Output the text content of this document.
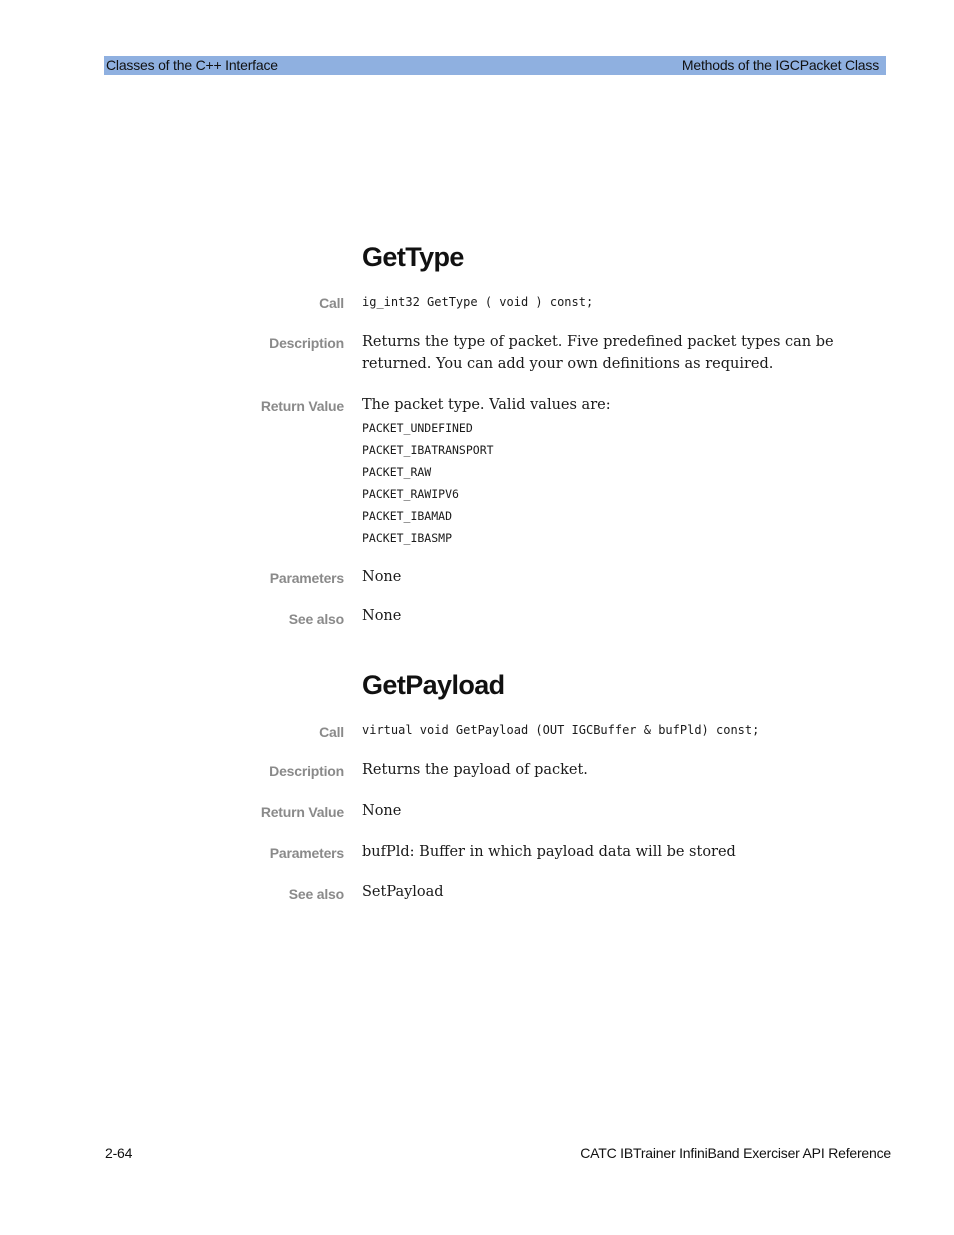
Classes of the C++ Interface	Methods of the IGCPacket Class
GetType
Call ig_int32 GetType ( void ) const;
Description Returns the type of packet. Five predefined packet types can be
returned. You can add your own definitions as required.
Return Value The packet type. Valid values are:
PACKET_UNDEFINED
PACKET_IBATRANSPORT
PACKET_RAW
PACKET_RAWIPV6
PACKET_IBAMAD
PACKET_IBASMP
Parameters None
See also None
GetPayload
Call virtual void GetPayload (OUT IGCBuffer & bufPld) const;
Description Returns the payload of packet.
Return Value None
Parameters bufPld: Buffer in which payload data will be stored
See also SetPayload
2-64	CATC IBTrainer InfiniBand Exerciser API Reference
